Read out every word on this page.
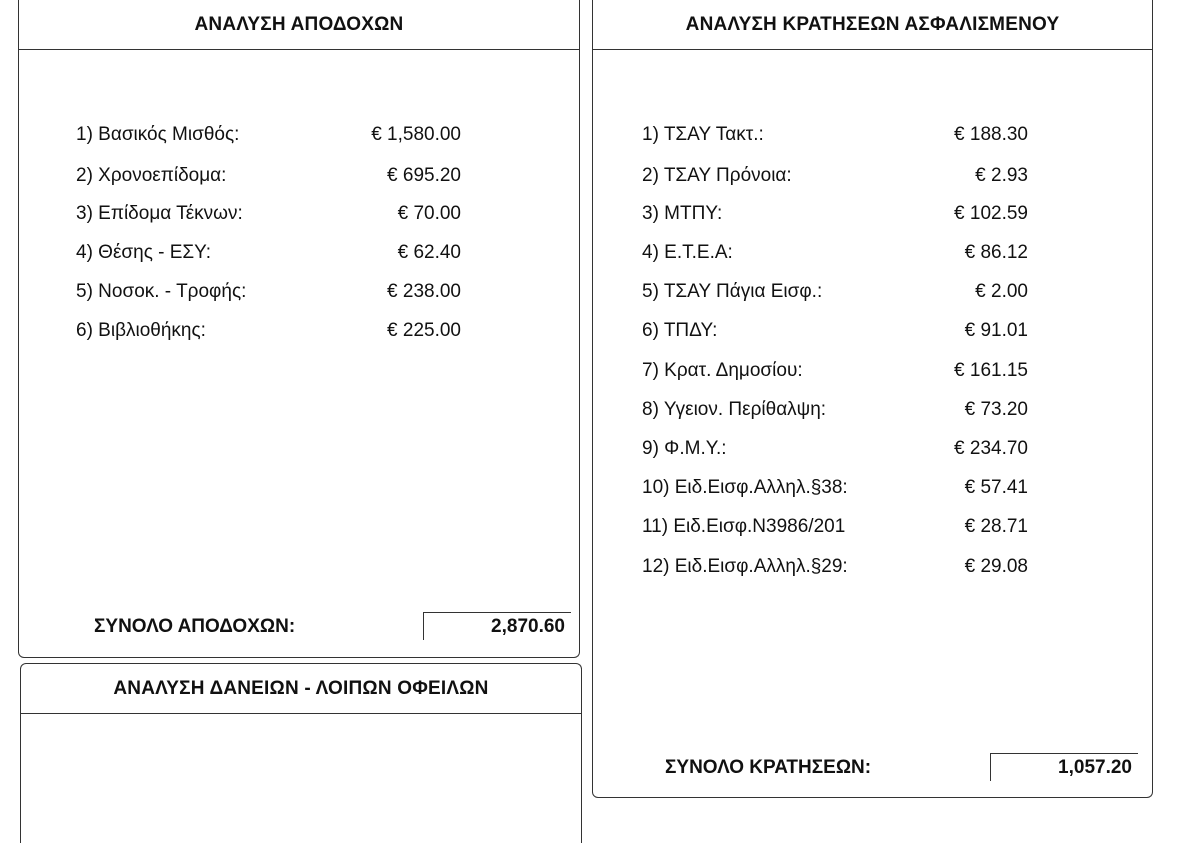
ΑΝΑΛΥΣΗ ΑΠΟΔΟΧΩΝ
1) Βασικός Μισθός:	€ 1,580.00
2) Χρονοεπίδομα:	€ 695.20
3) Επίδομα Τέκνων:	€ 70.00
4) Θέσης - ΕΣΥ:	€ 62.40
5) Νοσοκ. - Τροφής:	€ 238.00
6) Βιβλιοθήκης:	€ 225.00
ΣΥΝΟΛΟ ΑΠΟΔΟΧΩΝ:	2,870.60
ΑΝΑΛΥΣΗ ΚΡΑΤΗΣΕΩΝ ΑΣΦΑΛΙΣΜΕΝΟΥ
1) ΤΣΑΥ Τακτ.:	€ 188.30
2) ΤΣΑΥ Πρόνοια:	€ 2.93
3) ΜΤΠΥ:	€ 102.59
4) Ε.Τ.Ε.Α:	€ 86.12
5) ΤΣΑΥ Πάγια Εισφ.:	€ 2.00
6) ΤΠΔΥ:	€ 91.01
7) Κρατ. Δημοσίου:	€ 161.15
8) Υγειον. Περίθαλψη:	€ 73.20
9) Φ.Μ.Υ.:	€ 234.70
10) Ειδ.Εισφ.Αλληλ.§38:	€ 57.41
11) Ειδ.Εισφ.Ν3986/201	€ 28.71
12) Ειδ.Εισφ.Αλληλ.§29:	€ 29.08
ΣΥΝΟΛΟ ΚΡΑΤΗΣΕΩΝ:	1,057.20
ΑΝΑΛΥΣΗ ΔΑΝΕΙΩΝ - ΛΟΙΠΩΝ ΟΦΕΙΛΩΝ
